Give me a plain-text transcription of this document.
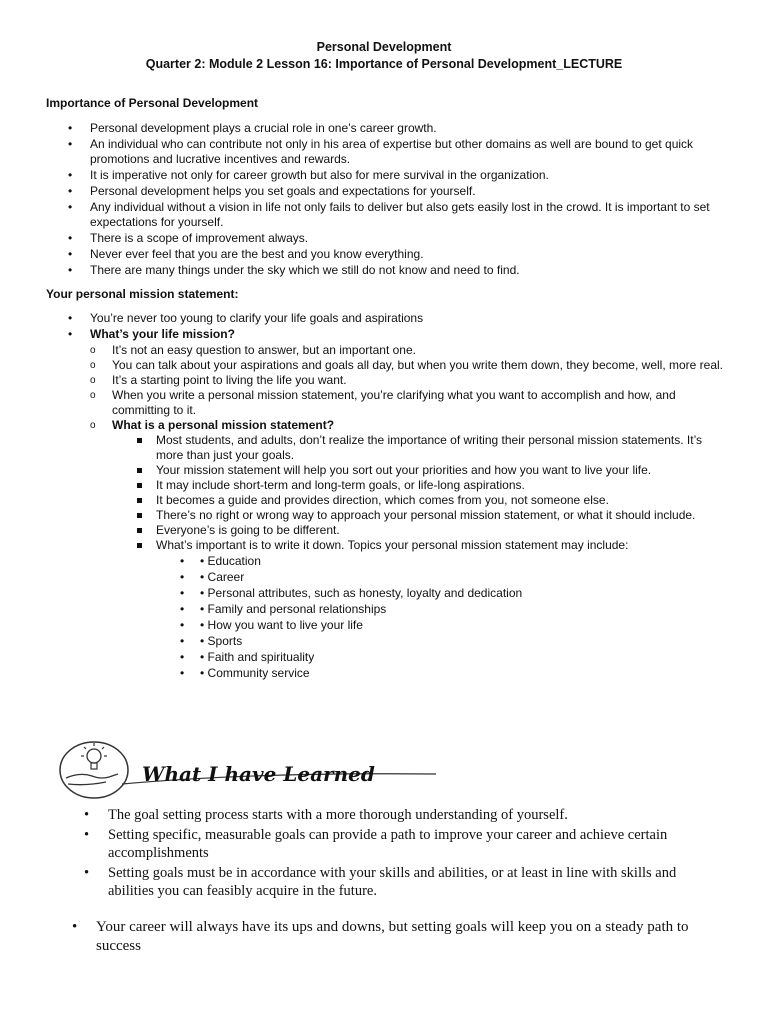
Personal Development
Quarter 2: Module 2 Lesson 16: Importance of Personal Development_LECTURE
Importance of Personal Development
• Personal development plays a crucial role in one’s career growth.
• An individual who can contribute not only in his area of expertise but other domains as well are bound to get quick promotions and lucrative incentives and rewards.
• It is imperative not only for career growth but also for mere survival in the organization.
• Personal development helps you set goals and expectations for yourself.
• Any individual without a vision in life not only fails to deliver but also gets easily lost in the crowd. It is important to set expectations for yourself.
• There is a scope of improvement always.
• Never ever feel that you are the best and you know everything.
• There are many things under the sky which we still do not know and need to find.
Your personal mission statement:
• You’re never too young to clarify your life goals and aspirations
• What’s your life mission?
o It’s not an easy question to answer, but an important one.
o You can talk about your aspirations and goals all day, but when you write them down, they become, well, more real.
o It’s a starting point to living the life you want.
o When you write a personal mission statement, you’re clarifying what you want to accomplish and how, and committing to it.
o What is a personal mission statement?
Most students, and adults, don’t realize the importance of writing their personal mission statements. It’s more than just your goals.
Your mission statement will help you sort out your priorities and how you want to live your life.
It may include short-term and long-term goals, or life-long aspirations.
It becomes a guide and provides direction, which comes from you, not someone else.
There’s no right or wrong way to approach your personal mission statement, or what it should include.
Everyone’s is going to be different.
What’s important is to write it down. Topics your personal mission statement may include:
• • Education
• • Career
• • Personal attributes, such as honesty, loyalty and dedication
• • Family and personal relationships
• • How you want to live your life
• • Sports
• • Faith and spirituality
• • Community service
What I have Learned
• The goal setting process starts with a more thorough understanding of yourself.
• Setting specific, measurable goals can provide a path to improve your career and achieve certain accomplishments
• Setting goals must be in accordance with your skills and abilities, or at least in line with skills and abilities you can feasibly acquire in the future.
• Your career will always have its ups and downs, but setting goals will keep you on a steady path to success
